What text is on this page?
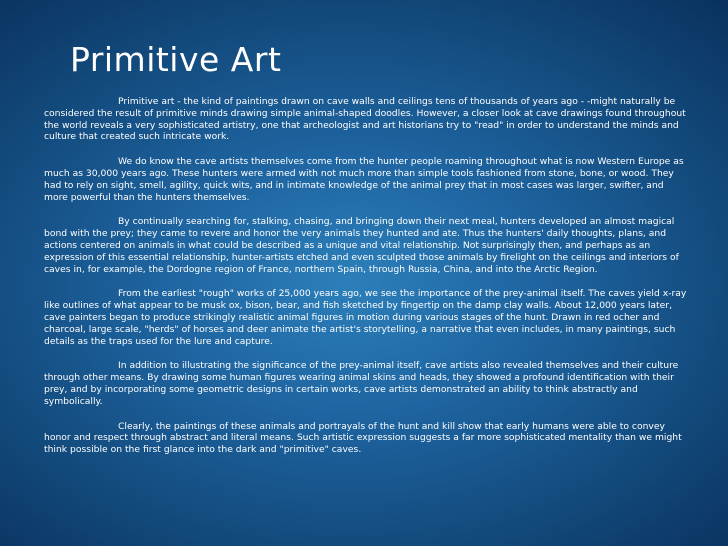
Primitive Art

Primitive art - the kind of paintings drawn on cave walls and ceilings tens of thousands of years ago - -might naturally be considered the result of primitive minds drawing simple animal-shaped doodles. However, a closer look at cave drawings found throughout the world reveals a very sophisticated artistry, one that archeologist and art historians try to "read" in order to understand the minds and culture that created such intricate work.

We do know the cave artists themselves come from the hunter people roaming throughout what is now Western Europe as much as 30,000 years ago. These hunters were armed with not much more than simple tools fashioned from stone, bone, or wood. They had to rely on sight, smell, agility, quick wits, and in intimate knowledge of the animal prey that in most cases was larger, swifter, and more powerful than the hunters themselves.

By continually searching for, stalking, chasing, and bringing down their next meal, hunters developed an almost magical bond with the prey; they came to revere and honor the very animals they hunted and ate. Thus the hunters' daily thoughts, plans, and actions centered on animals in what could be described as a unique and vital relationship. Not surprisingly then, and perhaps as an expression of this essential relationship, hunter-artists etched and even sculpted those animals by firelight on the ceilings and interiors of caves in, for example, the Dordogne region of France, northern Spain, through Russia, China, and into the Arctic Region.

From the earliest "rough" works of 25,000 years ago, we see the importance of the prey-animal itself. The caves yield x-ray like outlines of what appear to be musk ox, bison, bear, and fish sketched by fingertip on the damp clay walls. About 12,000 years later, cave painters began to produce strikingly realistic animal figures in motion during various stages of the hunt. Drawn in red ocher and charcoal, large scale, "herds" of horses and deer animate the artist's storytelling, a narrative that even includes, in many paintings, such details as the traps used for the lure and capture.

In addition to illustrating the significance of the prey-animal itself, cave artists also revealed themselves and their culture through other means. By drawing some human figures wearing animal skins and heads, they showed a profound identification with their prey, and by incorporating some geometric designs in certain works, cave artists demonstrated an ability to think abstractly and symbolically.

Clearly, the paintings of these animals and portrayals of the hunt and kill show that early humans were able to convey honor and respect through abstract and literal means. Such artistic expression suggests a far more sophisticated mentality than we might think possible on the first glance into the dark and "primitive" caves.
